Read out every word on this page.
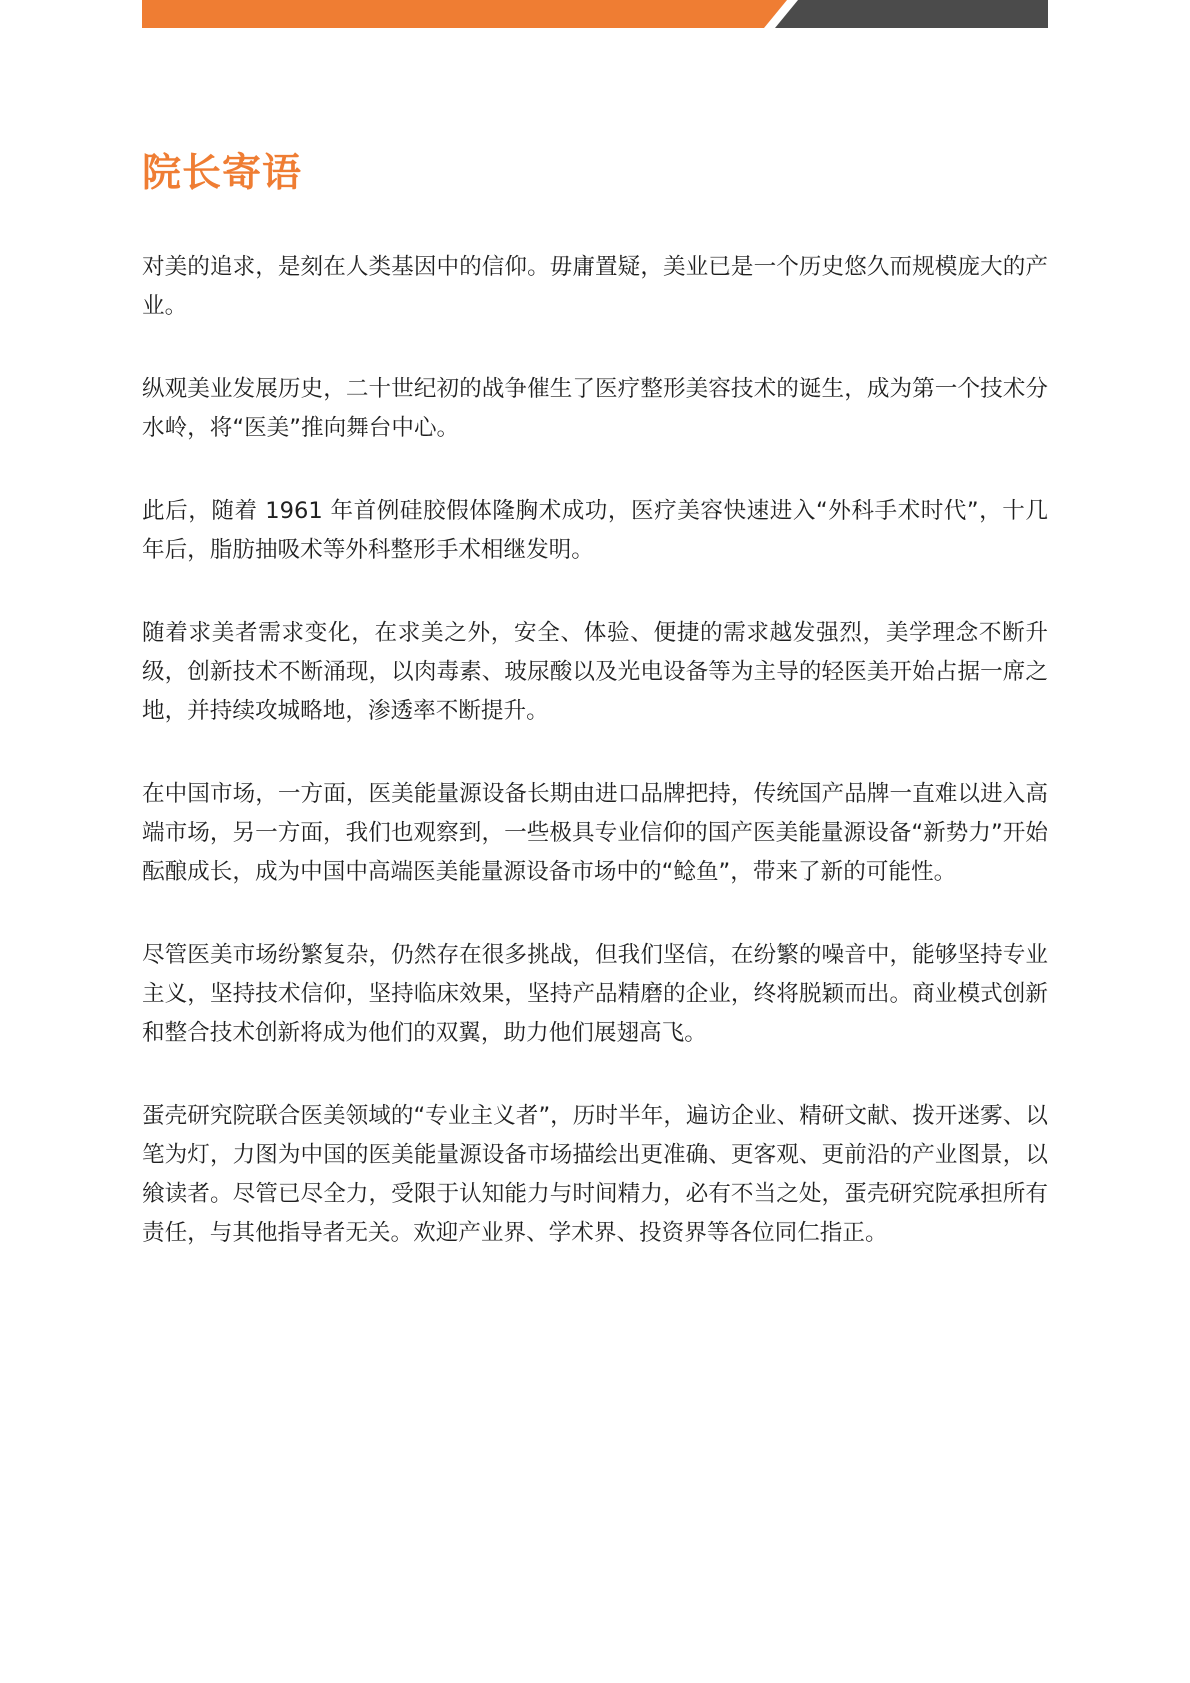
院长寄语

对美的追求，是刻在人类基因中的信仰。毋庸置疑，美业已是一个历史悠久而规模庞大的产业。

纵观美业发展历史，二十世纪初的战争催生了医疗整形美容技术的诞生，成为第一个技术分水岭，将“医美”推向舞台中心。

此后，随着 1961 年首例硅胶假体隆胸术成功，医疗美容快速进入“外科手术时代”，十几年后，脂肪抽吸术等外科整形手术相继发明。

随着求美者需求变化，在求美之外，安全、体验、便捷的需求越发强烈，美学理念不断升级，创新技术不断涌现，以肉毒素、玻尿酸以及光电设备等为主导的轻医美开始占据一席之地，并持续攻城略地，渗透率不断提升。

在中国市场，一方面，医美能量源设备长期由进口品牌把持，传统国产品牌一直难以进入高端市场，另一方面，我们也观察到，一些极具专业信仰的国产医美能量源设备“新势力”开始酝酿成长，成为中国中高端医美能量源设备市场中的“鲶鱼”，带来了新的可能性。

尽管医美市场纷繁复杂，仍然存在很多挑战，但我们坚信，在纷繁的噪音中，能够坚持专业主义，坚持技术信仰，坚持临床效果，坚持产品精磨的企业，终将脱颖而出。商业模式创新和整合技术创新将成为他们的双翼，助力他们展翅高飞。

蛋壳研究院联合医美领域的“专业主义者”，历时半年，遍访企业、精研文献、拨开迷雾、以笔为灯，力图为中国的医美能量源设备市场描绘出更准确、更客观、更前沿的产业图景，以飨读者。尽管已尽全力，受限于认知能力与时间精力，必有不当之处，蛋壳研究院承担所有责任，与其他指导者无关。欢迎产业界、学术界、投资界等各位同仁指正。
